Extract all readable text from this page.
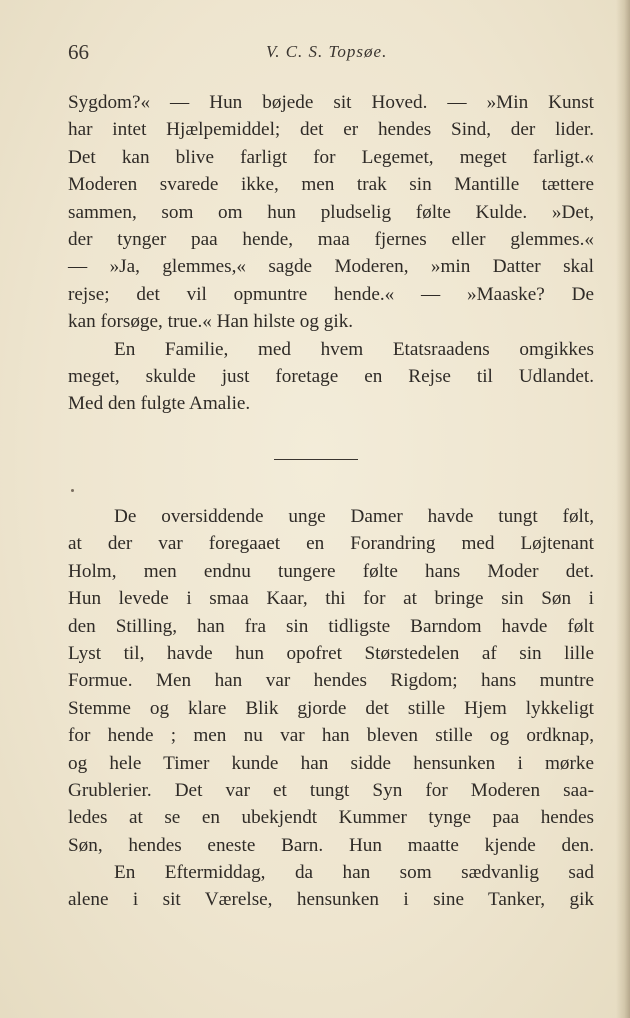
66	V. C. S. Topsøe.
Sygdom?« — Hun bøjede sit Hoved. — »Min Kunst
har intet Hjælpemiddel; det er hendes Sind, der lider.
Det kan blive farligt for Legemet, meget farligt.«
Moderen svarede ikke, men trak sin Mantille tættere
sammen, som om hun pludselig følte Kulde. »Det,
der tynger paa hende, maa fjernes eller glemmes.«
— »Ja, glemmes,« sagde Moderen, »min Datter skal
rejse; det vil opmuntre hende.« — »Maaske? De
kan forsøge, true.« Han hilste og gik.
En Familie, med hvem Etatsraadens omgikkes
meget, skulde just foretage en Rejse til Udlandet.
Med den fulgte Amalie.
De oversiddende unge Damer havde tungt følt,
at der var foregaaet en Forandring med Løjtenant
Holm, men endnu tungere følte hans Moder det.
Hun levede i smaa Kaar, thi for at bringe sin Søn i
den Stilling, han fra sin tidligste Barndom havde følt
Lyst til, havde hun opofret Størstedelen af sin lille
Formue. Men han var hendes Rigdom; hans muntre
Stemme og klare Blik gjorde det stille Hjem lykkeligt
for hende ; men nu var han bleven stille og ordknap,
og hele Timer kunde han sidde hensunken i mørke
Grublerier. Det var et tungt Syn for Moderen saa-
ledes at se en ubekjendt Kummer tynge paa hendes
Søn, hendes eneste Barn. Hun maatte kjende den.
En Eftermiddag, da han som sædvanlig sad
alene i sit Værelse, hensunken i sine Tanker, gik
